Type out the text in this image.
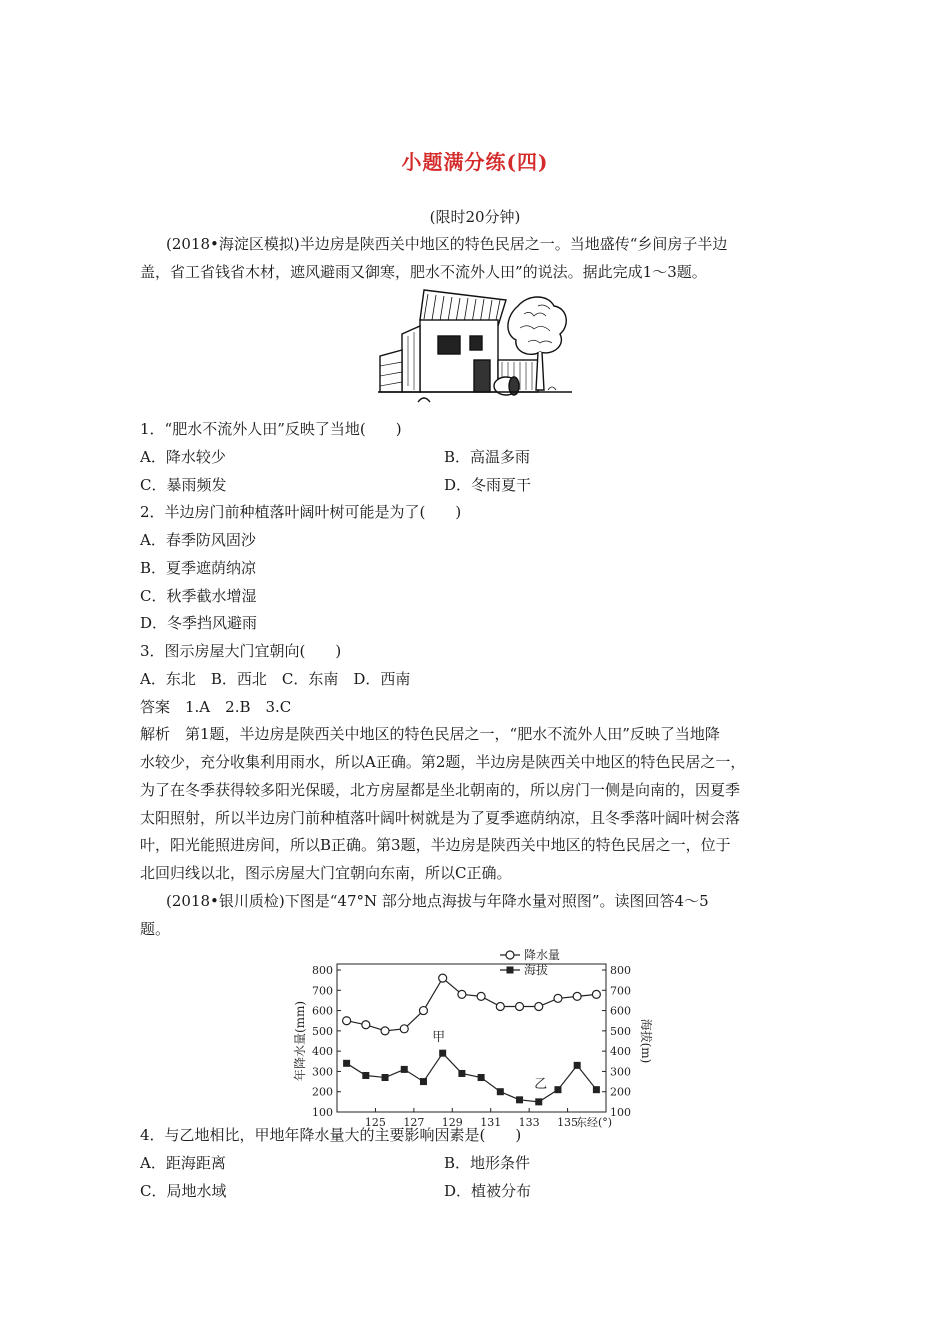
小题满分练(四)
(限时20分钟)
(2018•海淀区模拟)半边房是陕西关中地区的特色民居之一。当地盛传“乡间房子半边
盖，省工省钱省木材，遮风避雨又御寒，肥水不流外人田”的说法。据此完成1～3题。
1．“肥水不流外人田”反映了当地(　　)
A．降水较少	B．高温多雨
C．暴雨频发	D．冬雨夏干
2．半边房门前种植落叶阔叶树可能是为了(　　)
A．春季防风固沙
B．夏季遮荫纳凉
C．秋季截水增湿
D．冬季挡风避雨
3．图示房屋大门宜朝向(　　)
A．东北　B．西北　C．东南　D．西南
答案　1.A　2.B　3.C
解析　第1题，半边房是陕西关中地区的特色民居之一，“肥水不流外人田”反映了当地降
水较少，充分收集利用雨水，所以A正确。第2题，半边房是陕西关中地区的特色民居之一，
为了在冬季获得较多阳光保暖，北方房屋都是坐北朝南的，所以房门一侧是向南的，因夏季
太阳照射，所以半边房门前种植落叶阔叶树就是为了夏季遮荫纳凉，且冬季落叶阔叶树会落
叶，阳光能照进房间，所以B正确。第3题，半边房是陕西关中地区的特色民居之一，位于
北回归线以北，图示房屋大门宜朝向东南，所以C正确。
(2018•银川质检)下图是“47°N 部分地点海拔与年降水量对照图”。读图回答4～5
题。
100	100
200	200
300	300
400	400
500	500
600	600
700	700
800	800
125 127 129 131 133 135
东经(°)
年降水量(mm)	海拔(m)
甲
乙
降水量
海拔
4．与乙地相比，甲地年降水量大的主要影响因素是(　　)
A．距海距离	B．地形条件
C．局地水域	D．植被分布
